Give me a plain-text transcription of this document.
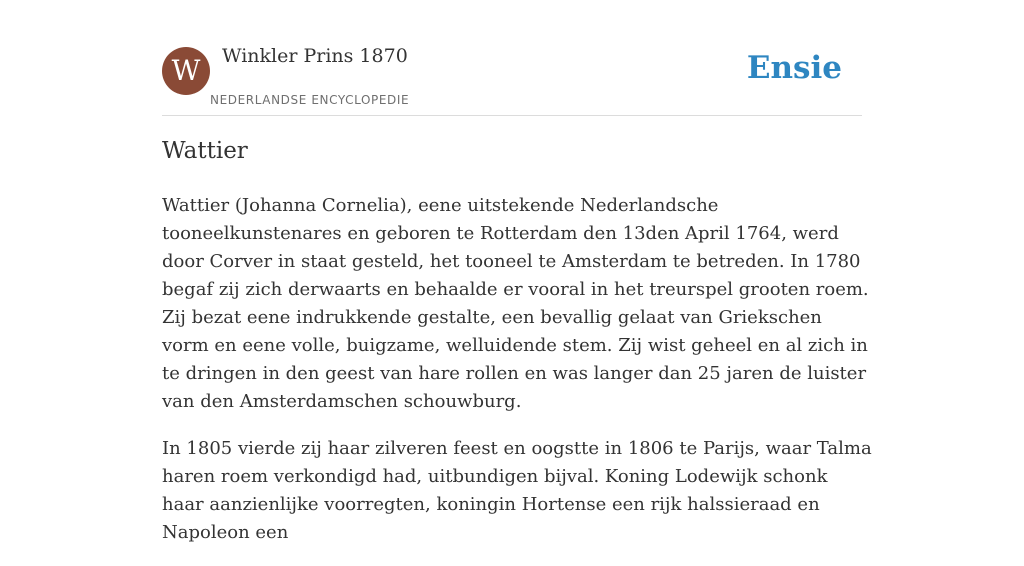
W	Winkler Prins 1870
NEDERLANDSE ENCYCLOPEDIE
Ensie
Wattier

Wattier (Johanna Cornelia), eene uitstekende Nederlandsche tooneelkunstenares en geboren te Rotterdam den 13den April 1764, werd door Corver in staat gesteld, het tooneel te Amsterdam te betreden. In 1780 begaf zij zich derwaarts en behaalde er vooral in het treurspel grooten roem. Zij bezat eene indrukkende gestalte, een bevallig gelaat van Griekschen vorm en eene volle, buigzame, welluidende stem. Zij wist geheel en al zich in te dringen in den geest van hare rollen en was langer dan 25 jaren de luister van den Amsterdamschen schouwburg.

In 1805 vierde zij haar zilveren feest en oogstte in 1806 te Parijs, waar Talma haren roem verkondigd had, uitbundigen bijval. Koning Lodewijk schonk haar aanzienlijke voorregten, koningin Hortense een rijk halssieraad en Napoleon een
